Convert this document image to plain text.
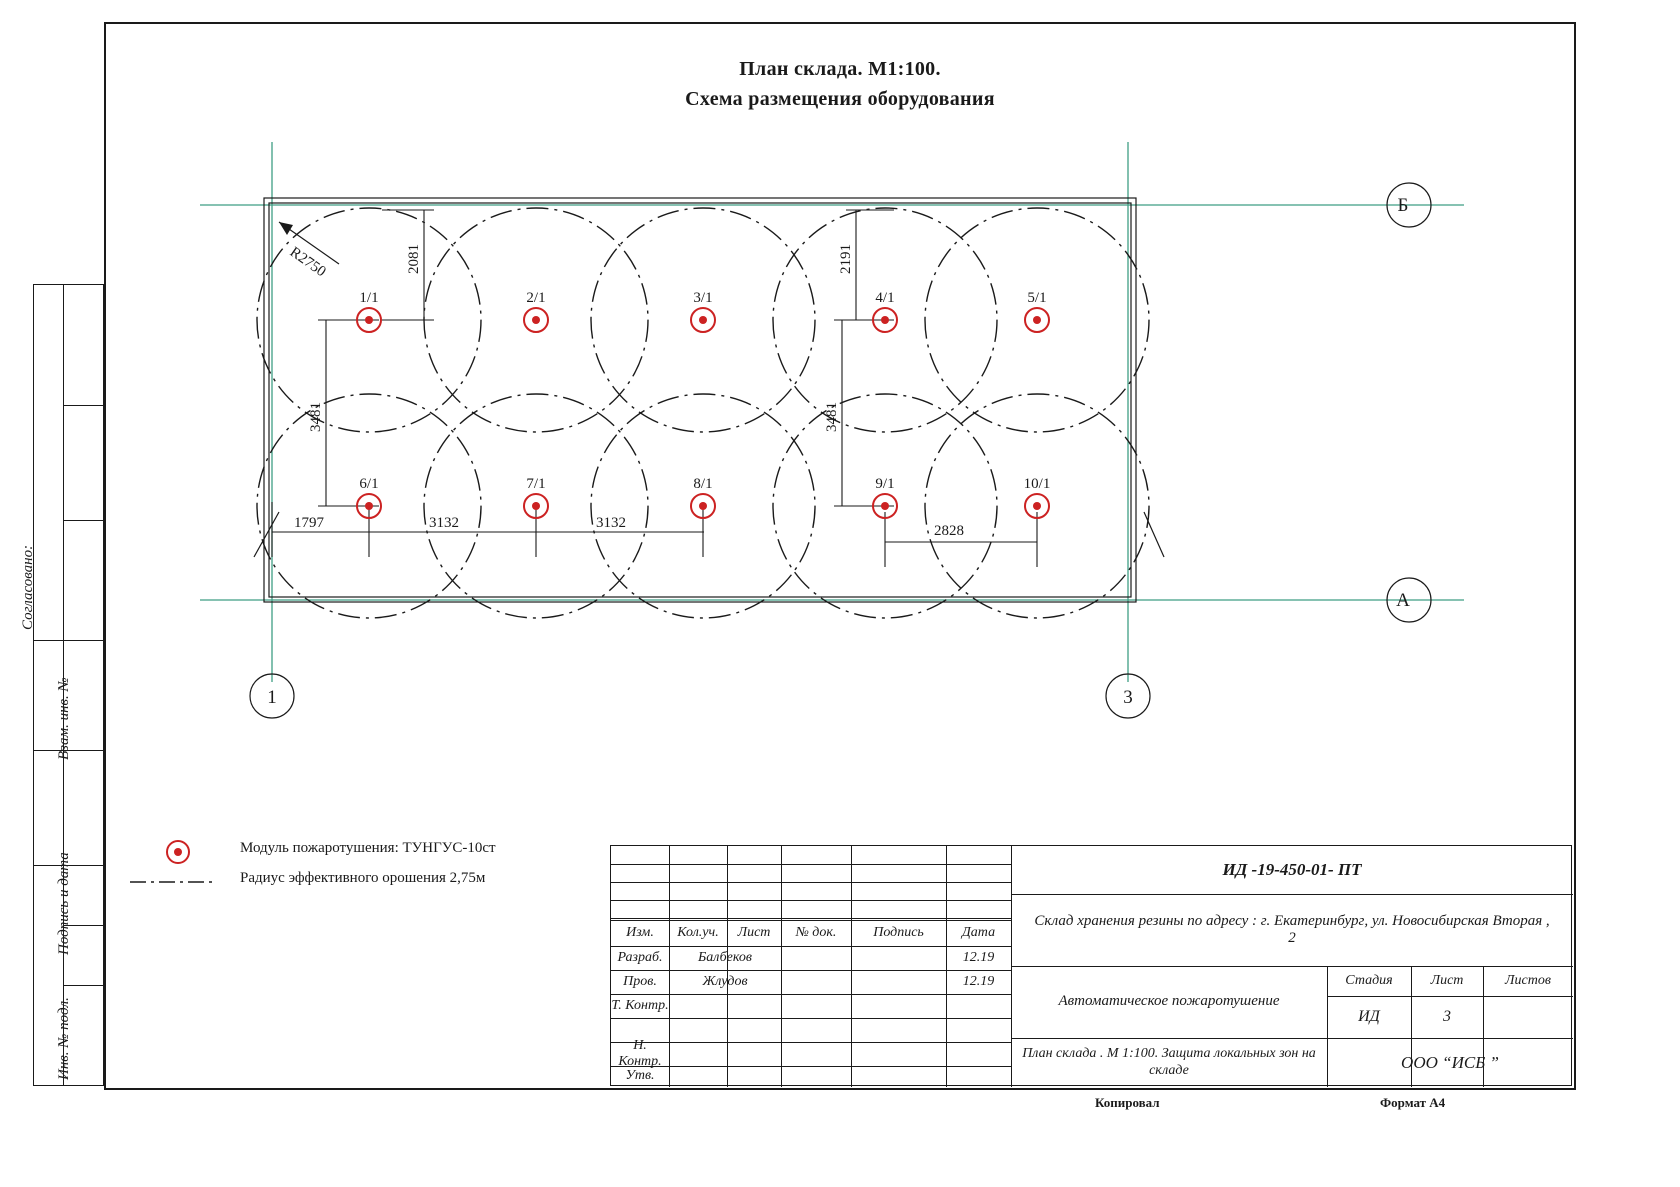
Согласовано:
Взам. инв. №
Подпись и дата
Инв. № подл.
План склада. М1:100.
Схема размещения оборудования
R2750
3481	3481
2081	2191
1797	3132	3132	2828
Б
А
1	3
1/1	2/1	3/1	4/1	5/1
6/1	7/1	8/1	9/1	10/1
Модуль пожаротушения: ТУНГУС-10ст
Радиус эффективного орошения 2,75м
Изм.	Кол.уч.	Лист	№ док.	Подпись	Дата
Разраб.	Балбеков	12.19
Пров.	Жлудов	12.19
Т. Контр.
Н. Контр.
Утв.
ИД -19-450-01- ПТ
Склад хранения резины по адресу : г. Екатеринбург, ул. Новосибирская Вторая , 2
Стадия	Лист	Листов
ИД	3
Автоматическое пожаротушение
План склада . М 1:100. Защита локальных зон на складе	ООО “ИСБ ”
Копировал	Формат А4
